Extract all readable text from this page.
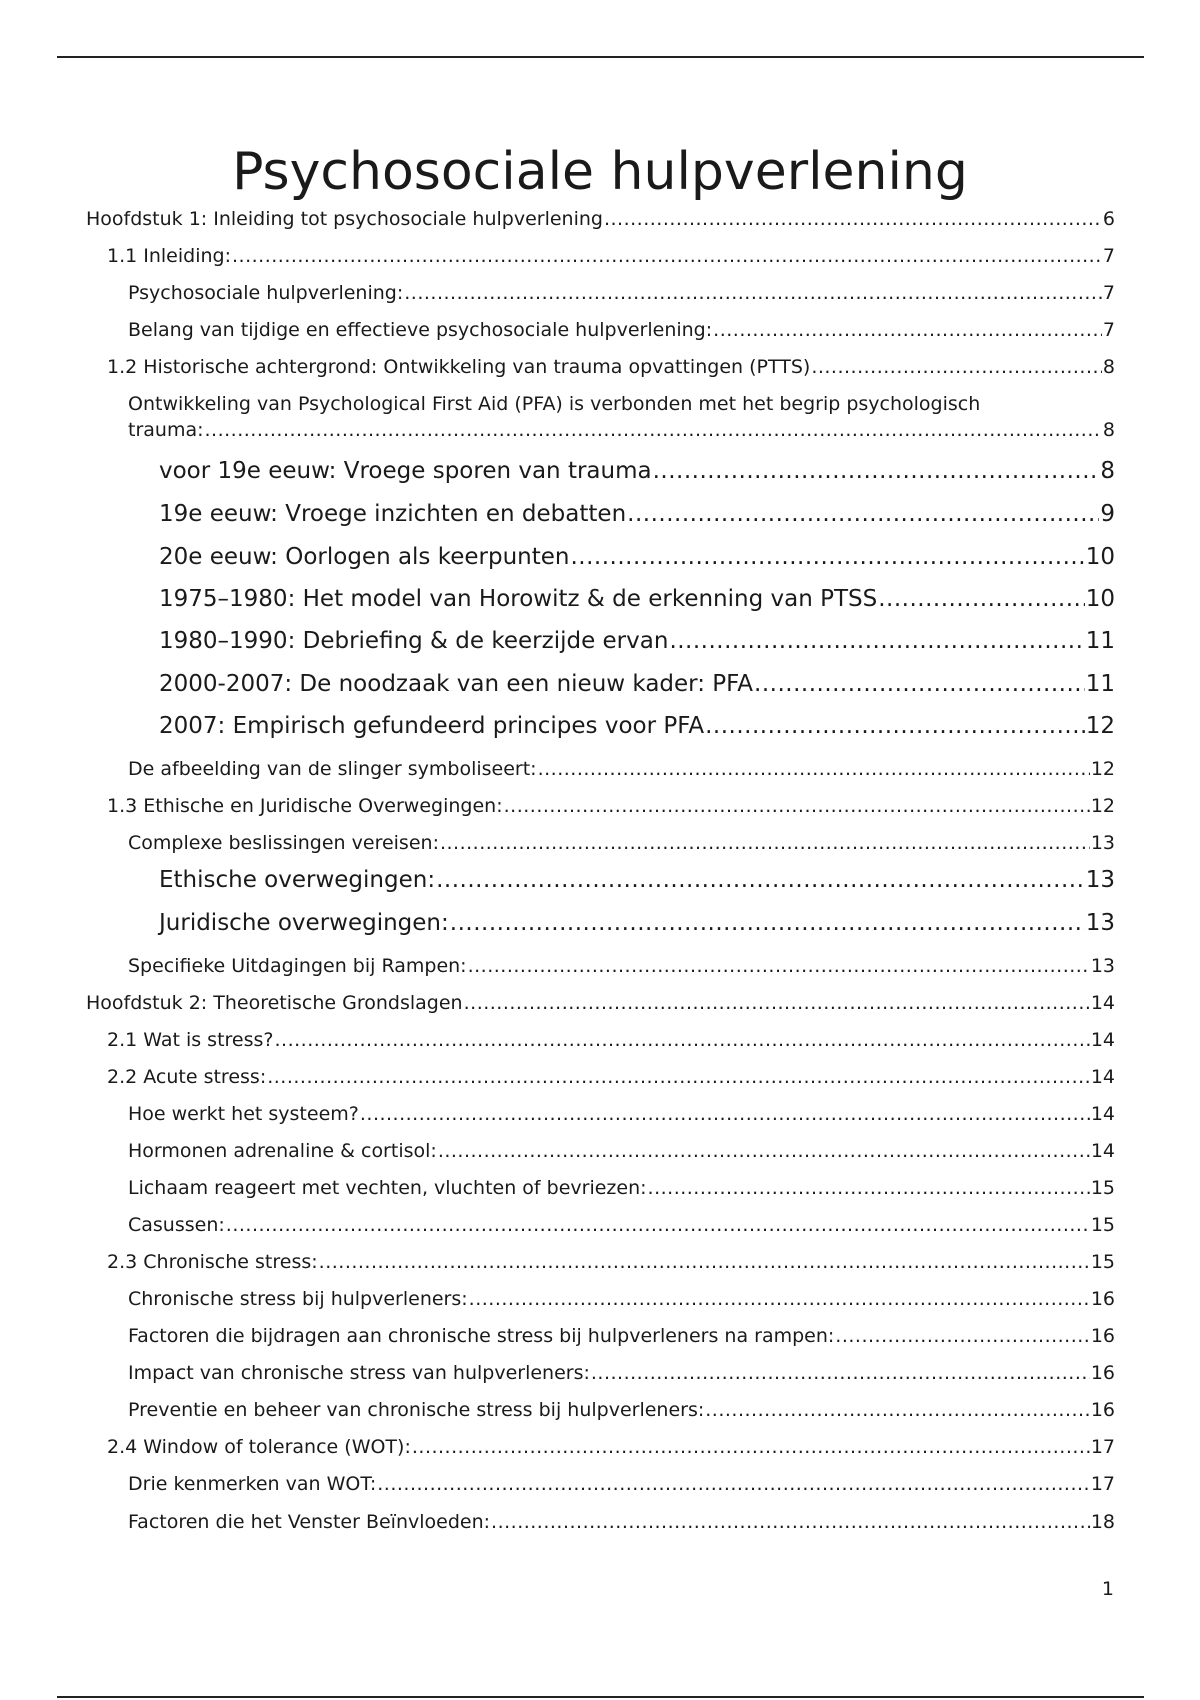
Psychosociale hulpverlening
Hoofdstuk 1: Inleiding tot psychosociale hulpverlening .....	6
1.1 Inleiding: .....	7
Psychosociale hulpverlening: .....	7
Belang van tijdige en effectieve psychosociale hulpverlening: .....	7
1.2 Historische achtergrond: Ontwikkeling van trauma opvattingen (PTTS) .....	8
Ontwikkeling van Psychological First Aid (PFA) is verbonden met het begrip psychologisch
trauma: .....	8
voor 19e eeuw: Vroege sporen van trauma .....	8
19e eeuw: Vroege inzichten en debatten .....	9
20e eeuw: Oorlogen als keerpunten .....	10
1975–1980: Het model van Horowitz & de erkenning van PTSS .....	10
1980–1990: Debriefing & de keerzijde ervan .....	11
2000-2007: De noodzaak van een nieuw kader: PFA .....	11
2007: Empirisch gefundeerd principes voor PFA .....	12
De afbeelding van de slinger symboliseert: .....	12
1.3 Ethische en Juridische Overwegingen: .....	12
Complexe beslissingen vereisen: .....	13
Ethische overwegingen: .....	13
Juridische overwegingen: .....	13
Specifieke Uitdagingen bij Rampen: .....	13
Hoofdstuk 2: Theoretische Grondslagen .....	14
2.1 Wat is stress? .....	14
2.2 Acute stress: .....	14
Hoe werkt het systeem? .....	14
Hormonen adrenaline & cortisol: .....	14
Lichaam reageert met vechten, vluchten of bevriezen: .....	15
Casussen: .....	15
2.3 Chronische stress: .....	15
Chronische stress bij hulpverleners: .....	16
Factoren die bijdragen aan chronische stress bij hulpverleners na rampen: .....	16
Impact van chronische stress van hulpverleners: .....	16
Preventie en beheer van chronische stress bij hulpverleners: .....	16
2.4 Window of tolerance (WOT): .....	17
Drie kenmerken van WOT: .....	17
Factoren die het Venster Beïnvloeden: .....	18
1
